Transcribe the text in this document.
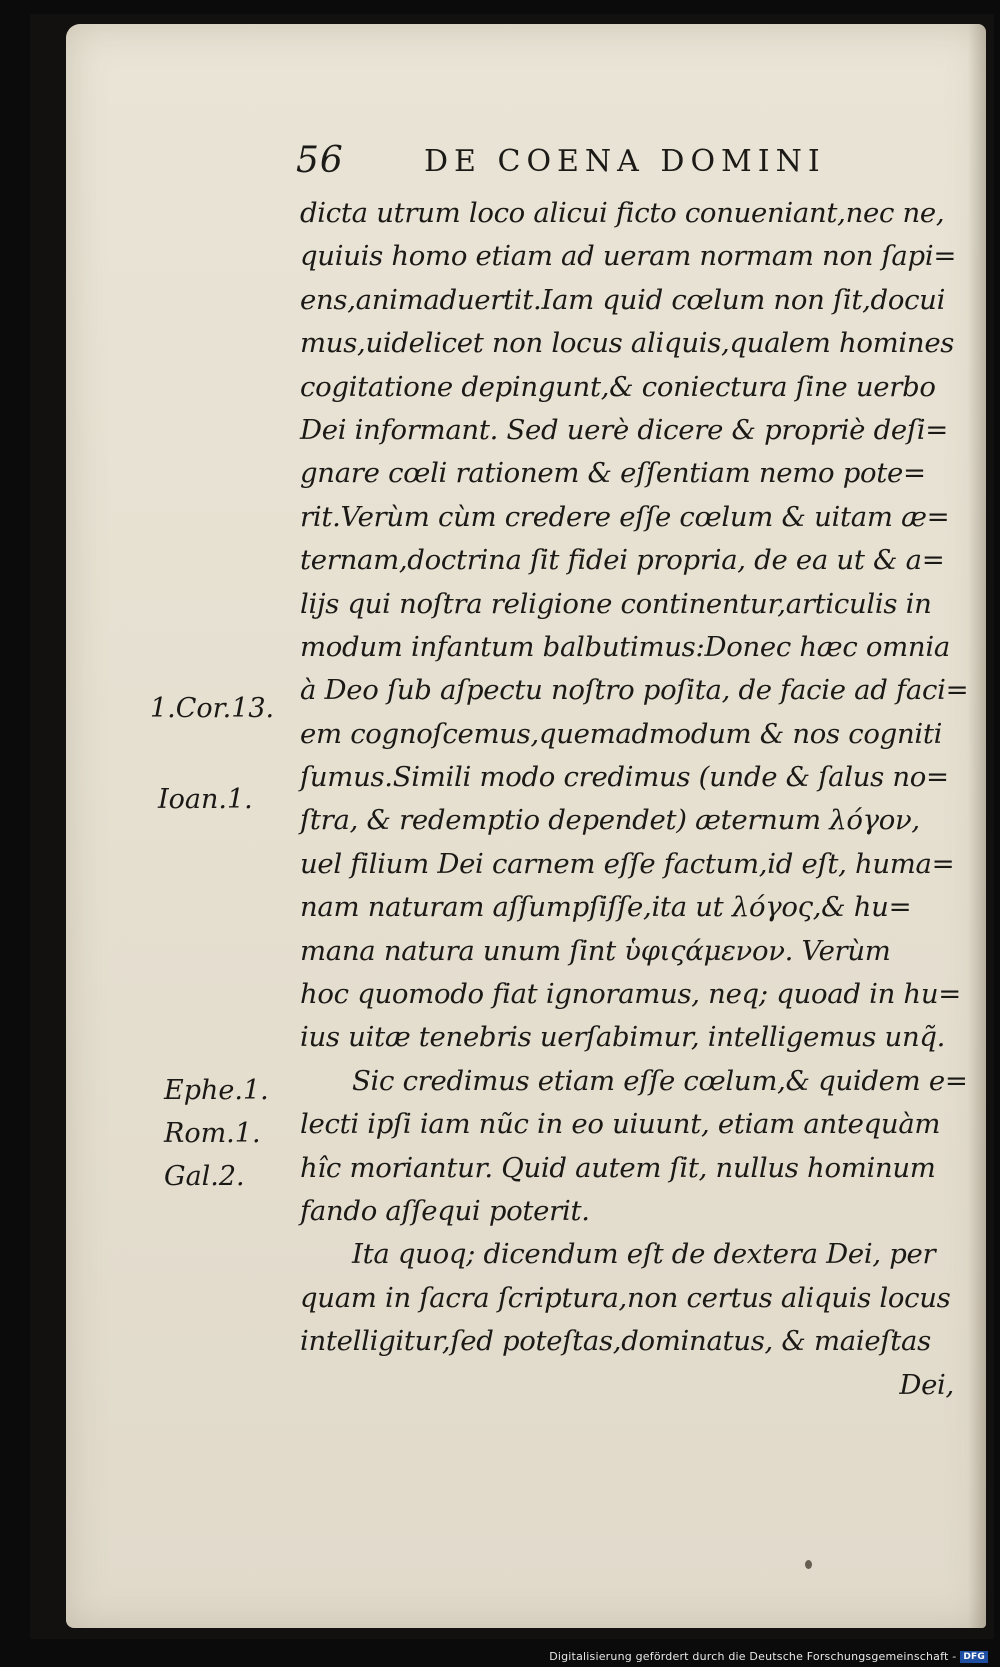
56	DE COENA DOMINI
dicta utrum loco alicui ficto conueniant,nec ne,
quiuis homo etiam ad ueram normam non ſapi=
ens,animaduertit.Iam quid cœlum non ſit,docui
mus,uidelicet non locus aliquis,qualem homines
cogitatione depingunt,& coniectura ſine uerbo
Dei informant. Sed uerè dicere & propriè deſi=
gnare cœli rationem & eſſentiam nemo pote=
rit.Verùm cùm credere eſſe cœlum & uitam æ=
ternam,doctrina ſit fidei propria, de ea ut & a=
lijs qui noſtra religione continentur,articulis in
modum infantum balbutimus:Donec hæc omnia
à Deo ſub aſpectu noſtro poſita, de facie ad faci=
em cognoſcemus,quemadmodum & nos cogniti
ſumus.Simili modo credimus (unde & ſalus no=
ſtra, & redemptio dependet) æternum λόγον,
uel filium Dei carnem eſſe factum,id eſt, huma=
nam naturam aſſumpſiſſe,ita ut λόγος,& hu=
mana natura unum ſint ὑφιςάμενον. Verùm
hoc quomodo fiat ignoramus, neq; quoad in hu=
ius uitæ tenebris uerſabimur, intelligemus unq̃.
Sic credimus etiam eſſe cœlum,& quidem e=
lecti ipſi iam nũc in eo uiuunt, etiam antequàm
hîc moriantur. Quid autem ſit, nullus hominum
fando aſſequi poterit.
Ita quoq; dicendum eſt de dextera Dei, per
quam in ſacra ſcriptura,non certus aliquis locus
intelligitur,ſed poteſtas,dominatus, & maieſtas
Dei,
1.Cor.13.
Ioan.1.
Ephe.1.
Rom.1.
Gal.2.
Digitalisierung gefördert durch die Deutsche Forschungsgemeinschaft - DFG
